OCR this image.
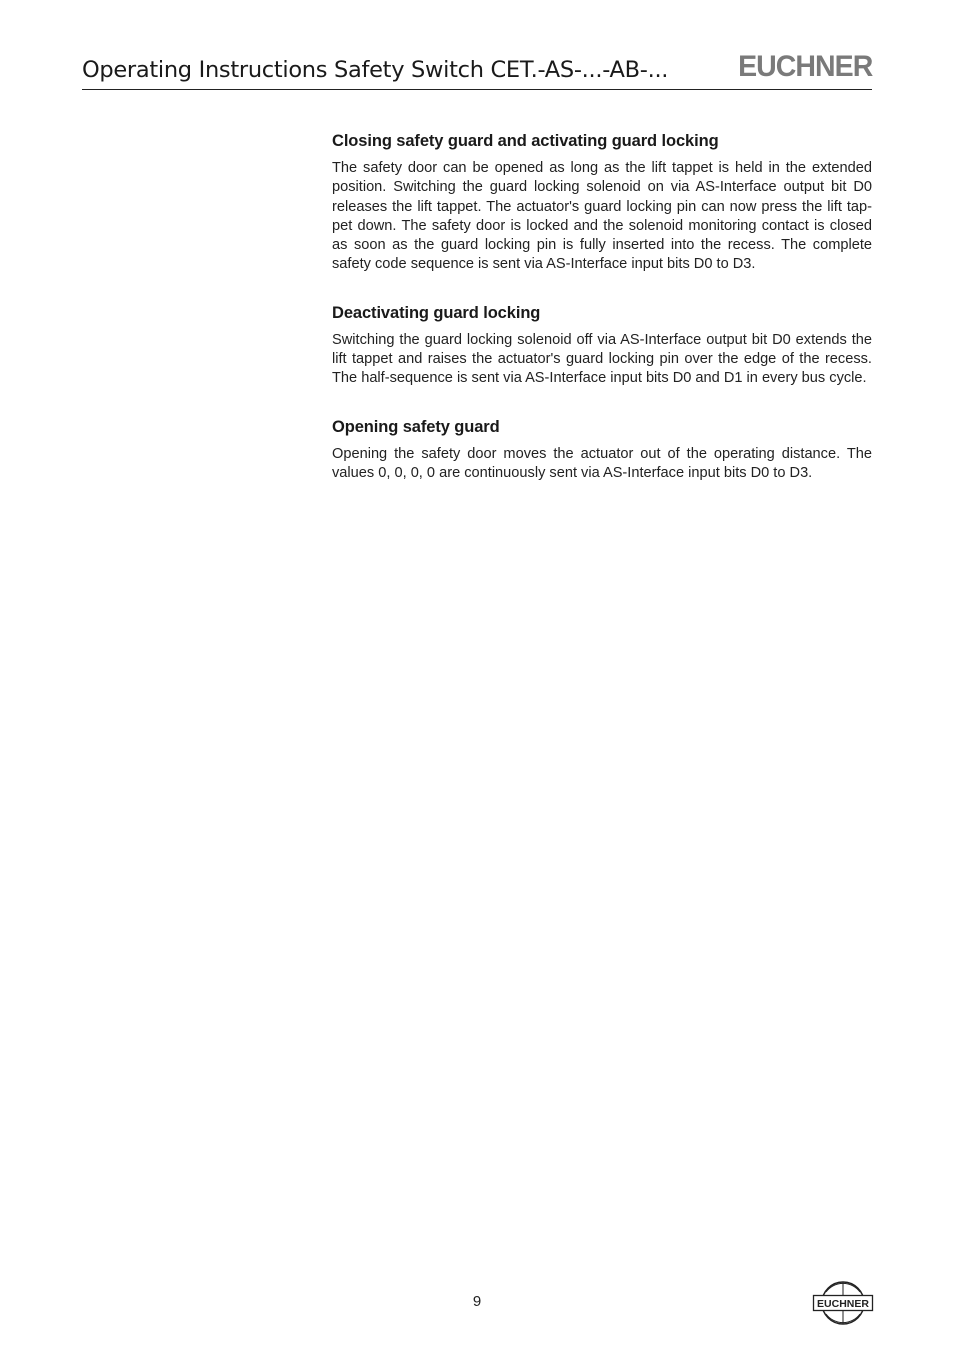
Operating Instructions Safety Switch CET.-AS-...-AB-... EUCHNER
Closing safety guard and activating guard locking

The safety door can be opened as long as the lift tappet is held in the extended position. Switching the guard locking solenoid on via AS-Interface output bit D0 releases the lift tappet. The actuator's guard locking pin can now press the lift tap-pet down. The safety door is locked and the solenoid monitoring contact is closed as soon as the guard locking pin is fully inserted into the recess. The complete safety code sequence is sent via AS-Interface input bits D0 to D3.

Deactivating guard locking

Switching the guard locking solenoid off via AS-Interface output bit D0 extends the lift tappet and raises the actuator's guard locking pin over the edge of the recess. The half-sequence is sent via AS-Interface input bits D0 and D1 in every bus cycle.

Opening safety guard

Opening the safety door moves the actuator out of the operating distance. The values 0, 0, 0, 0 are continuously sent via AS-Interface input bits D0 to D3.

9	EUCHNER
